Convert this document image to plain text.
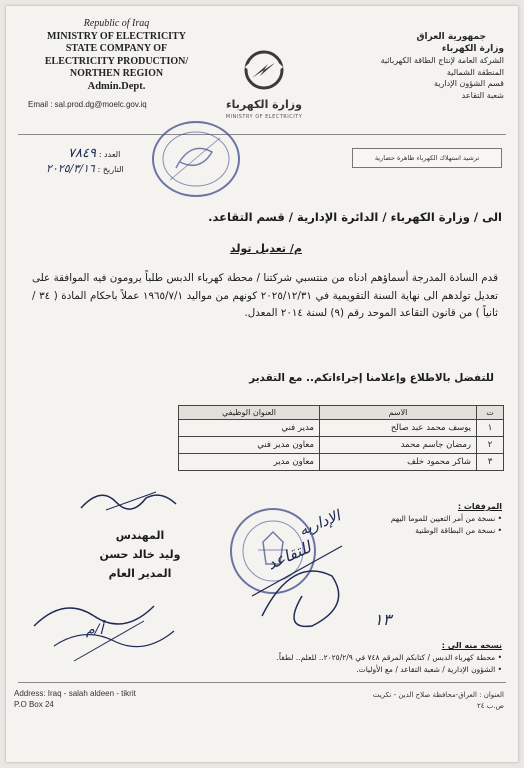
Republic of Iraq
MINISTRY OF ELECTRICITY
STATE COMPANY OF
ELECTRICITY PRODUCTION/
NORTHEN REGION
Admin.Dept.
Email : sal.prod.dg@moelc.gov.iq	وزارة الكهرباء
MINISTRY OF ELECTRICITY
جمهورية العراق
وزارة الكهرباء
الشركة العامة لإنتاج الطاقة الكهربائية
المنطقة الشمالية
قسم الشؤون الإدارية
شعبة التقاعد
ترشيد استهلاك الكهرباء ظاهرة حضارية
العدد : ٧٨٤٩
التاريخ : ٢٠٢٥/٣/١٦
الى / وزارة الكهرباء / الدائرة الإدارية / قسم التقاعد.
م/ تعديل تولد
قدم السادة المدرجة أسماؤهم ادناه من منتسبي شركتنا / محطة كهرباء الدبس طلباً يرومون فيه الموافقة على تعديل تولدهم الى نهاية السنة التقويمية في ٢٠٢٥/١٢/٣١ كونهم من مواليد ١٩٦٥/٧/١ عملاً باحكام المادة ( ٣٤ / ثانياً ) من قانون التقاعد الموحد رقم (٩) لسنة ٢٠١٤ المعدل.
للتفضل بالاطلاع وإعلامنا إجراءاتكم.. مع التقدير
ت	الاسم	العنوان الوظيفي
١	يوسف محمد عبد صالح	مدير فني
٢	رمضان جاسم محمد	معاون مدير فني
٣	شاكر محمود خلف	معاون مدير
المهندس
وليد خالد حسن
المدير العام
أ/م
الإداريه
للتقاعد
١٣
المرفقات :
• نسخة من أمر التعيين للموما اليهم
• نسخة من البطاقة الوطنية
نسخه منه الى :
• محطة كهرباء الدبس / كتابكم المرقم ٧٤٨ في ٢٠٢٥/٢/٩.. للعلم.. لطفاً.
• الشؤون الإدارية / شعبة التقاعد / مع الأوليات.
Address: Iraq - salah aldeen - tikrit
P.O Box 24
العنوان : العراق-محافظة صلاح الدين - تكريت
ص.ب ٢٤
